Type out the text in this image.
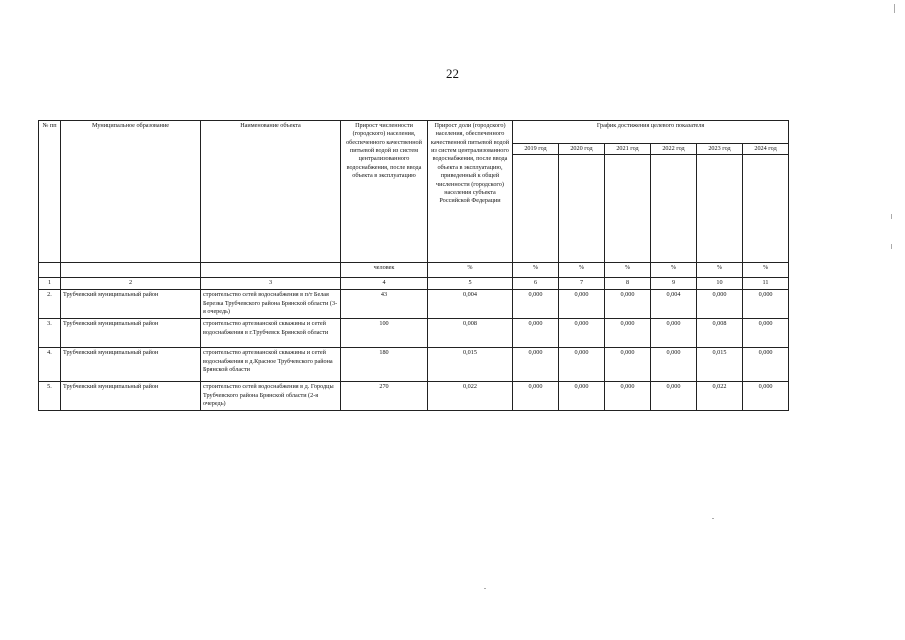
22
№ пп	Муниципальное образование	Наименование объекта	Прирост численности (городского) населения, обеспеченного качественной питьевой водой из систем централизованного водоснабжения, после ввода объекта в эксплуатацию	Прирост доли (городского) населения, обеспеченного качественной питьевой водой из систем централизованного водоснабжения, после ввода объекта в эксплуатацию, приведенный к общей численности (городского) населения субъекта Российской Федерации	График достижения целевого показателя					
					2019 год	2020 год	2021 год	2022 год	2023 год	2024 год

			человек	%	%	%	%	%	%	%
1	2	3	4	5	6	7	8	9	10	11
2.	Трубчевский муниципальный район	строительство сетей водоснабжения в п/т Белая Березка Трубчевского района Брянской области (3-я очередь)	43	0,004	0,000	0,000	0,000	0,004	0,000	0,000
3.	Трубчевский муниципальный район	строительство артезианской скважины и сетей водоснабжения в г.Трубчевск Брянской области	100	0,008	0,000	0,000	0,000	0,000	0,008	0,000
4.	Трубчевский муниципальный район	строительство артезианской скважины и сетей водоснабжения в д.Красное Трубчевского района Брянской области	180	0,015	0,000	0,000	0,000	0,000	0,015	0,000
5.	Трубчевский муниципальный район	строительство сетей водоснабжения в д. Городцы Трубчевского района Брянской области (2-я очередь)	270	0,022	0,000	0,000	0,000	0,000	0,022	0,000
